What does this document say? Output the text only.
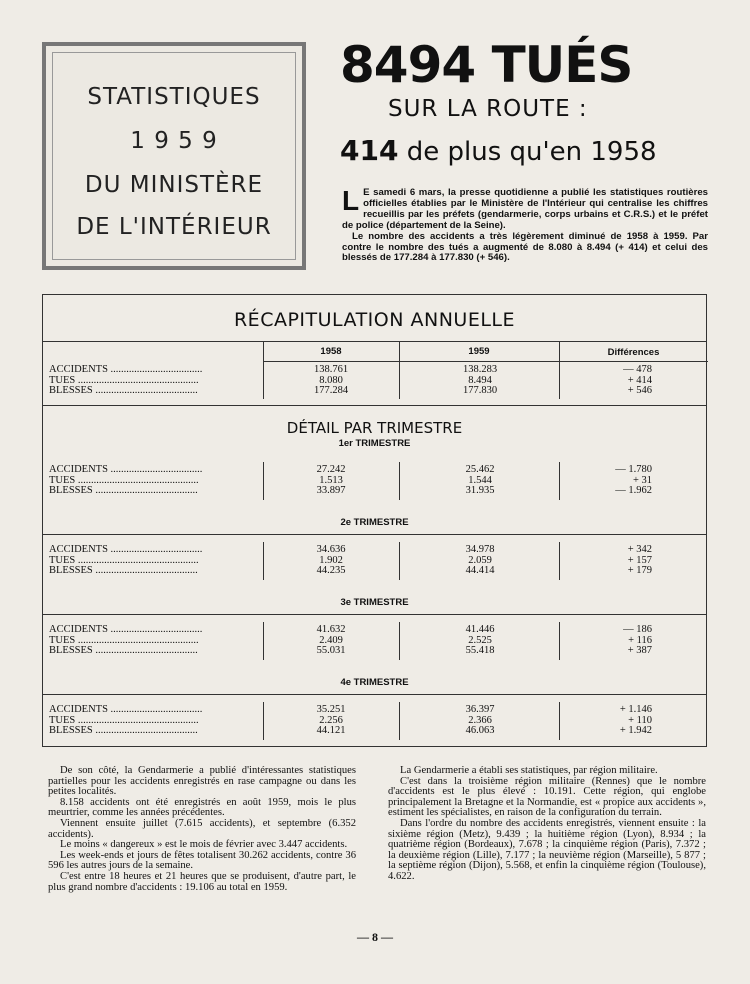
STATISTIQUES
1 9 5 9
DU MINISTÈRE
DE L'INTÉRIEUR
8494 TUÉS
SUR LA ROUTE :
414 de plus qu'en 1958
L E samedi 6 mars, la presse quotidienne a publié les statistiques routières officielles établies par le Ministère de l'Intérieur qui centralise les chiffres recueillis par les préfets (gendarmerie, corps urbains et C.R.S.) et le préfet de police (département de la Seine).

Le nombre des accidents a très légèrement diminué de 1958 à 1959. Par contre le nombre des tués a augmenté de 8.080 à 8.494 (+ 414) et celui des blessés de 177.284 à 177.830 (+ 546).

RÉCAPITULATION ANNUELLE
1958	1959	Différences
DÉTAIL PAR TRIMESTRE
ACCIDENTS ...................................
TUES ..............................................
BLESSES .......................................
138.761
8.080
177.284
138.283
8.494
177.830
— 478
+ 414
+ 546
1er TRIMESTRE
ACCIDENTS ...................................
TUES ..............................................
BLESSES .......................................
27.242
1.513
33.897
25.462
1.544
31.935
— 1.780
+ 31
— 1.962
2e TRIMESTRE
ACCIDENTS ...................................
TUES ..............................................
BLESSES .......................................
34.636
1.902
44.235
34.978
2.059
44.414
+ 342
+ 157
+ 179
3e TRIMESTRE
ACCIDENTS ...................................
TUES ..............................................
BLESSES .......................................
41.632
2.409
55.031
41.446
2.525
55.418
— 186
+ 116
+ 387
4e TRIMESTRE
ACCIDENTS ...................................
TUES ..............................................
BLESSES .......................................
35.251
2.256
44.121
36.397
2.366
46.063
+ 1.146
+ 110
+ 1.942

De son côté, la Gendarmerie a publié d'intéressantes statistiques partielles pour les accidents enregistrés en rase campagne ou dans les petites localités.

8.158 accidents ont été enregistrés en août 1959, mois le plus meurtrier, comme les années précédentes.

Viennent ensuite juillet (7.615 accidents), et septembre (6.352 accidents).

Le moins « dangereux » est le mois de février avec 3.447 accidents.

Les week-ends et jours de fêtes totalisent 30.262 accidents, contre 36 596 les autres jours de la semaine.

C'est entre 18 heures et 21 heures que se produisent, d'autre part, le plus grand nombre d'accidents : 19.106 au total en 1959.

La Gendarmerie a établi ses statistiques, par région militaire.

C'est dans la troisième région militaire (Rennes) que le nombre d'accidents est le plus élevé : 10.191. Cette région, qui englobe principalement la Bretagne et la Normandie, est « propice aux accidents », estiment les spécialistes, en raison de la configuration du terrain.

Dans l'ordre du nombre des accidents enregistrés, viennent ensuite : la sixième région (Metz), 9.439 ; la huitième région (Lyon), 8.934 ; la quatrième région (Bordeaux), 7.678 ; la cinquième région (Paris), 7.372 ; la deuxième région (Lille), 7.177 ; la neuvième région (Marseille), 5 877 ; la septième région (Dijon), 5.568, et enfin la cinquième région (Toulouse), 4.622.

— 8 —
